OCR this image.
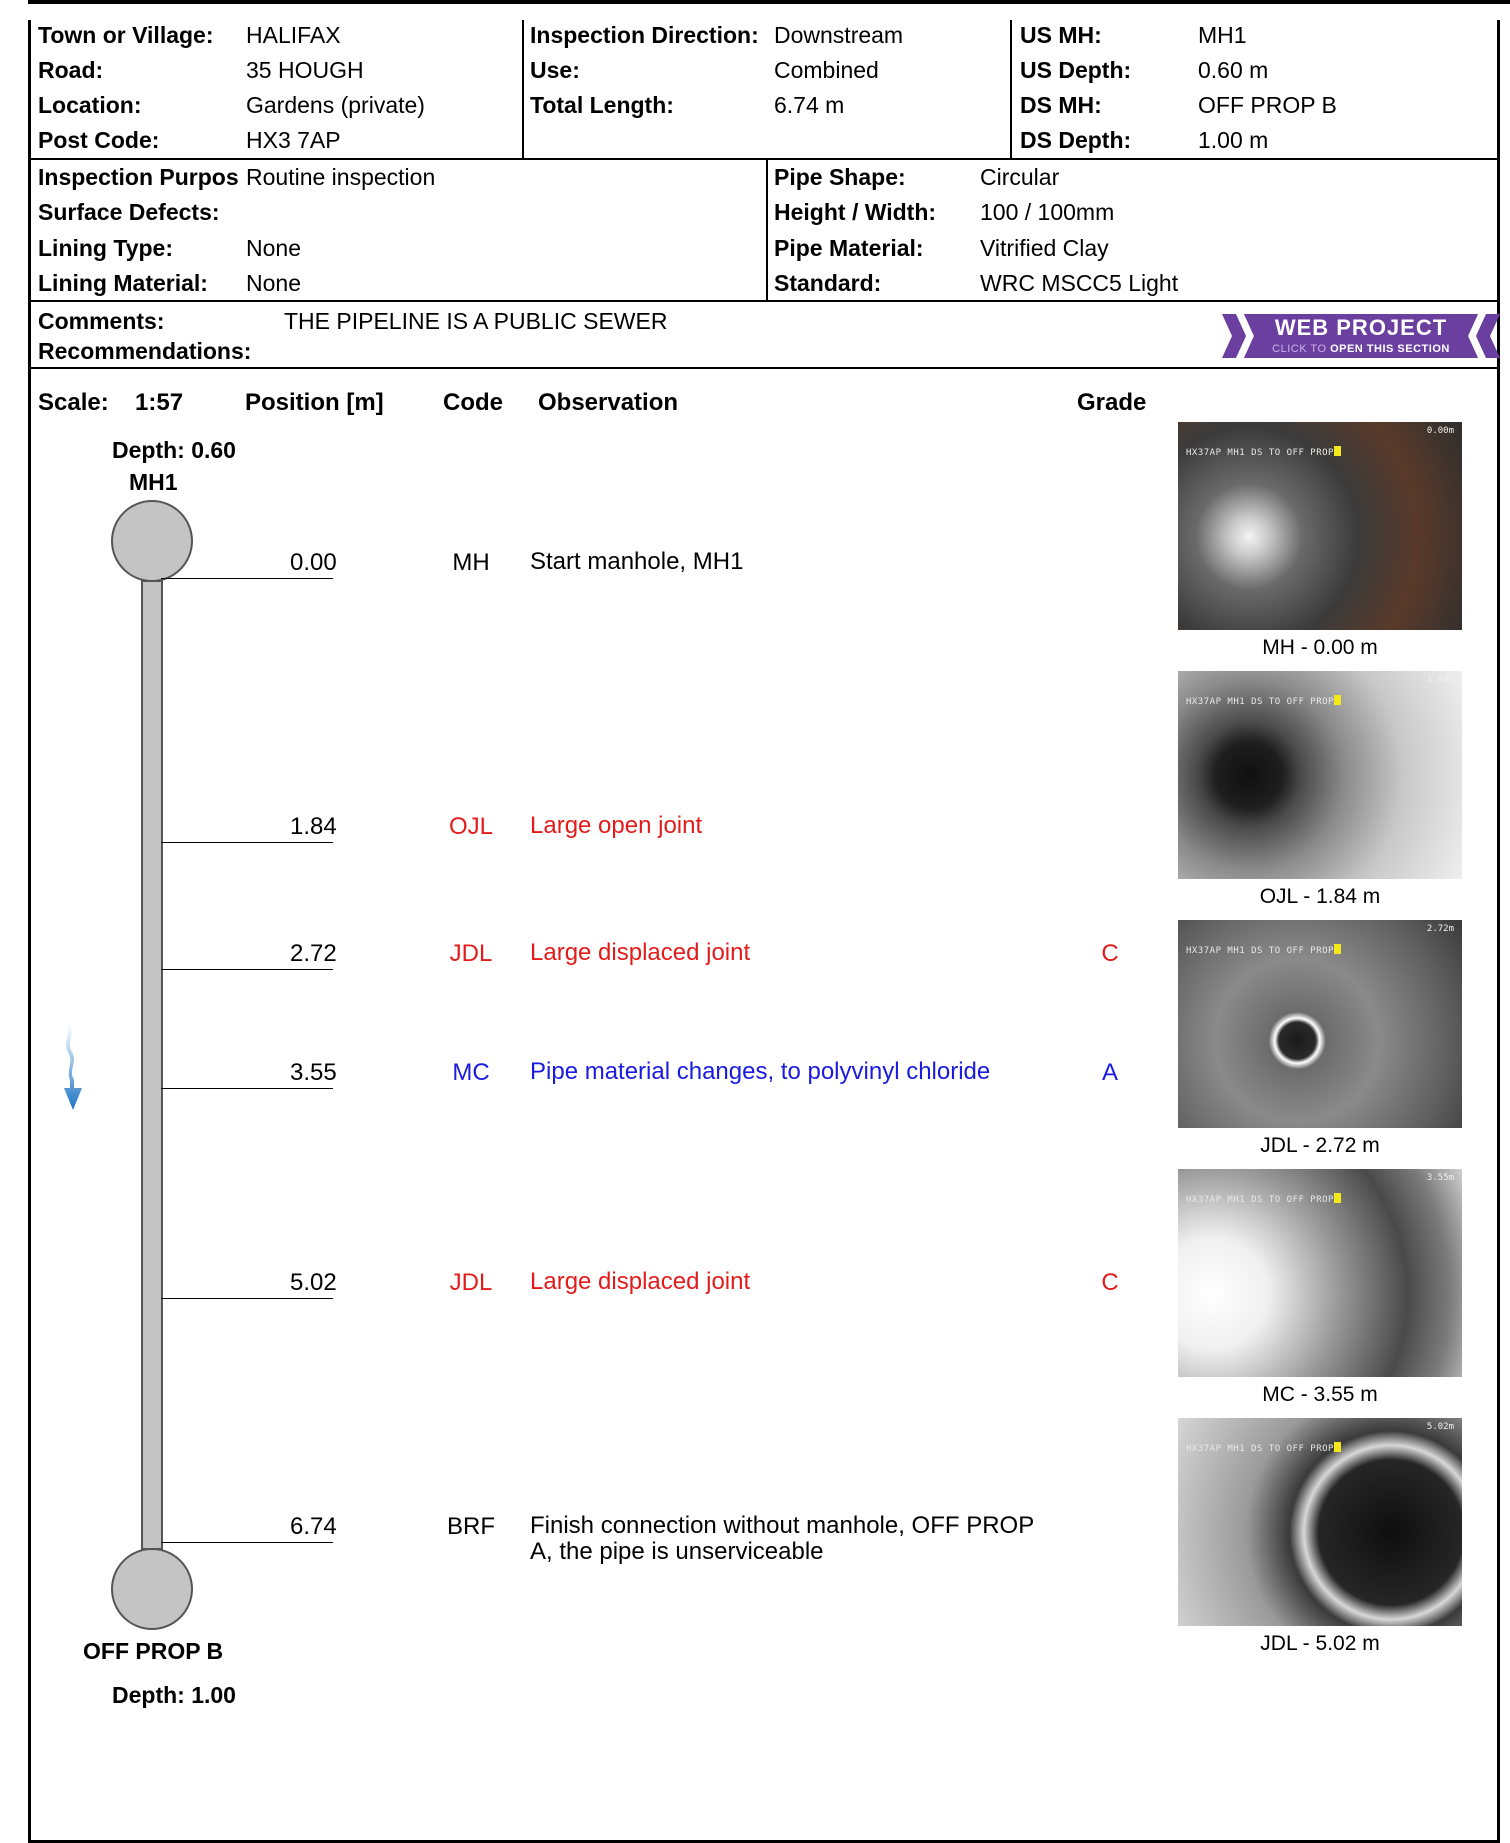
Town or Village: HALIFAX
Road:	35 HOUGH
Location:	Gardens (private)
Post Code:	HX3 7AP
Inspection Direction: Downstream
Use:	Combined
Total Length:	6.74 m
US MH:	MH1
US Depth:	0.60 m
DS MH:	OFF PROP B
DS Depth:	1.00 m
Inspection Purpos Routine inspection
Surface Defects:
Lining Type:	None
Lining Material: None
Pipe Shape:	Circular
Height / Width: 100 / 100mm
Pipe Material: Vitrified Clay
Standard:	WRC MSCC5 Light
Comments:	THE PIPELINE IS A PUBLIC SEWER
Recommendations:
WEB PROJECT
CLICK TO OPEN THIS SECTION
Scale: 1:57	Position [m] Code Observation	Grade
Depth: 0.60
MH1
OFF PROP B
Depth: 1.00
0.00	MH	Start manhole, MH1
1.84	OJL	Large open joint
2.72	JDL	Large displaced joint	C
3.55	MC	Pipe material changes, to polyvinyl chloride	A
5.02	JDL	Large displaced joint	C
6.74	BRF	Finish connection without manhole, OFF PROP A, the pipe is unserviceable
0.00m
HX37AP MH1 DS TO OFF PROP
MH - 0.00 m
1.84m
HX37AP MH1 DS TO OFF PROP
OJL - 1.84 m
2.72m
HX37AP MH1 DS TO OFF PROP
JDL - 2.72 m
3.55m
HX37AP MH1 DS TO OFF PROP
MC - 3.55 m
5.02m
HX37AP MH1 DS TO OFF PROP
JDL - 5.02 m
